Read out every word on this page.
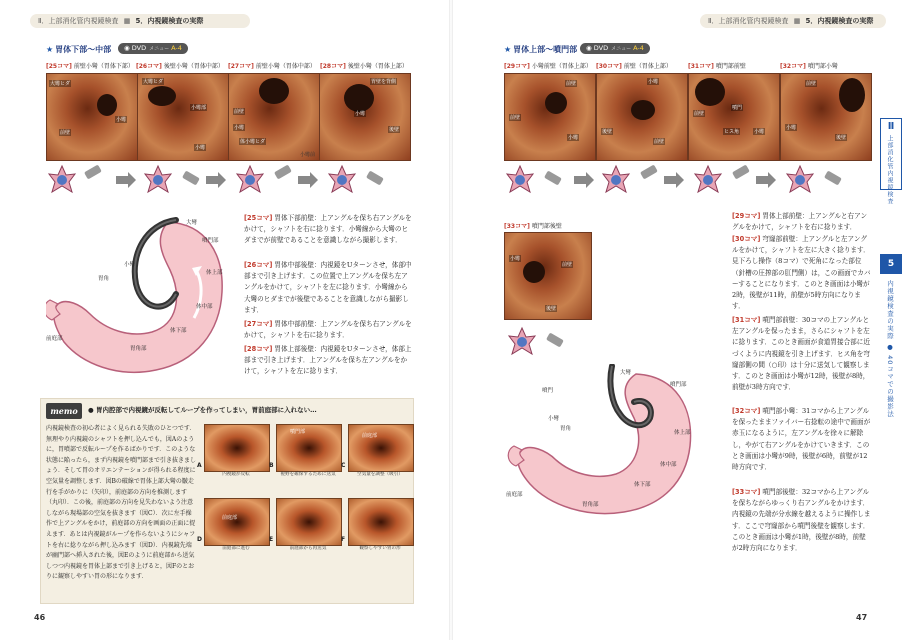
Ⅱ．上部消化管内視鏡検査 ▦ 5．内視鏡検査の実際	Ⅱ．上部消化管内視鏡検査 ▦ 5．内視鏡検査の実際
★ 胃体下部〜中部	◉ DVD メニュー A-4
[ 25コマ ] 前壁小彎（胃体下部） [ 26コマ ] 後壁小彎（胃体中部）	[ 27コマ ] 前壁小彎（胃体中部）	[ 28コマ ] 後壁小彎（胃体上部）
大彎ヒダ
前壁
小彎
大彎ヒダ
小彎部
小彎
前壁
小彎
体小彎ヒダ
胃壁を背側
小彎
後壁
小彎前
大彎
噴門部
小彎
体上部
胃角
体中部
体下部
前庭部
胃角部
[ 25コマ ] 胃体下部前壁：上アングルを保ち右アングルをかけて，シャフトを右に捻ります．小彎線から大彎のヒダまでが前壁であることを意識しながら撮影します．
[ 26コマ ] 胃体中部後壁：内視鏡をUターンさせ，体部中部まで引き上げます．この位置で上アングルを保ち左アングルをかけて，シャフトを左に捻ります．小彎線から大彎のヒダまでが後壁であることを意識しながら撮影します．
[ 27コマ ] 胃体中部前壁：上アングルを保ち右アングルをかけて，シャフトを右に捻ります．
[ 28コマ ] 胃体上部後壁：内視鏡をUターンさせ，体部上部まで引き上げます．上アングルを保ち左アングルをかけて，シャフトを左に捻ります．
memo	● 胃内腔部で内視鏡が反転してループを作ってしまい，胃前庭部に入れない…
内視鏡検査の初心者によく見られる失敗のひとつです．無理やり内視鏡のシャフトを押し込んでも，図Aのように，胃噴部で反転ループを作るばかりです．このような状態に陥ったら，まず内視鏡を噴門部まで引き抜きましょう．そして胃のオリエンテーションが得られる程度に空気量を調整します．図Bの破線で胃体上部大彎の皺走行を手がかりに（矢印），前庭部の方向を推測します（丸印）．この後，前庭部の方向を見失わないよう注意しながら現場部の空気を抜きます（図C）．次に左手操作で上アングルをかけ，前庭部の方向を画面の正面に捉えます．あとは内視鏡がループを作らないようにシャフトを右に捻りながら押し込みます（図D）．内視鏡先端が幽門部へ挿入された後，図Eのように前庭部から送気しつつ内視鏡を胃体上部まで引き上げると，図Fのとおりに観察しやすい胃の形になります．
A
内視鏡が反転
B
視野を確保するために送気
C
空気量を調整（吸引）
D
前庭部に進む
E
前庭部から再送気
F
観察しやすい胃の形
噴門部
前庭部
前庭部
46
★ 胃体上部〜噴門部	◉ DVD メニュー A-4
[ 29コマ ] 小彎前壁（胃体上部）	[ 30コマ ] 前壁（胃体上部）	[ 31コマ ] 噴門部前壁	[ 32コマ ] 噴門部小彎
前壁
前壁
小彎
小彎
後壁
前壁
前壁
噴門
ヒス角	小彎
前壁
小彎
後壁
[ 33コマ ] 噴門部後壁
小彎
前壁
後壁
大彎
噴門
噴門部
小彎
胃角
体上部
体中部
体下部
前庭部
胃角部
[ 29コマ ] 胃体上部前壁：上アングルと右アングルをかけて，シャフトを右に捻ります．
[ 30コマ ] 穹窿部前壁：上アングルと左アングルをかけて，シャフトを左に大きく捻ります．見下ろし操作（8コマ）で死角になった部位（針槽の圧搾部の肛門側）は，この画面でカバーすることになります．このとき画面は小彎が2時，後壁が11時，前壁が5時方向になります．
[ 31コマ ] 噴門部前壁：30コマの上アングルと左アングルを保ったまま，さらにシャフトを左に捻ります．このとき画面が食道胃接合部に近づくように内視鏡を引き上げます．ヒス角を穹窿部側の間（○印）は十分に送気して観察します．このとき画面は小彎が12時，後壁が8時，前壁が3時方向です．
[ 32コマ ] 噴門部小彎：31コマから上アングルを保ったままファイバー右捻転の途中で画面が赤玉になるように，左アングルを徐々に解除し，やがて右アングルをかけていきます．このとき画面は小彎が9時，後壁が6時，前壁が12時方向です．
[ 33コマ ] 噴門部後壁：32コマから上アングルを保ちながらゆっくり右アングルをかけます．内視鏡の先端が分水線を越えるように操作します．ここで穹窿部から噴門後壁を観察します．このとき画面は小彎が1時，後壁が8時，前壁が2時方向になります．
Ⅱ
上部消化管内視鏡検査
5
内視鏡検査の実際 ● 40コマでの撮影法
47
